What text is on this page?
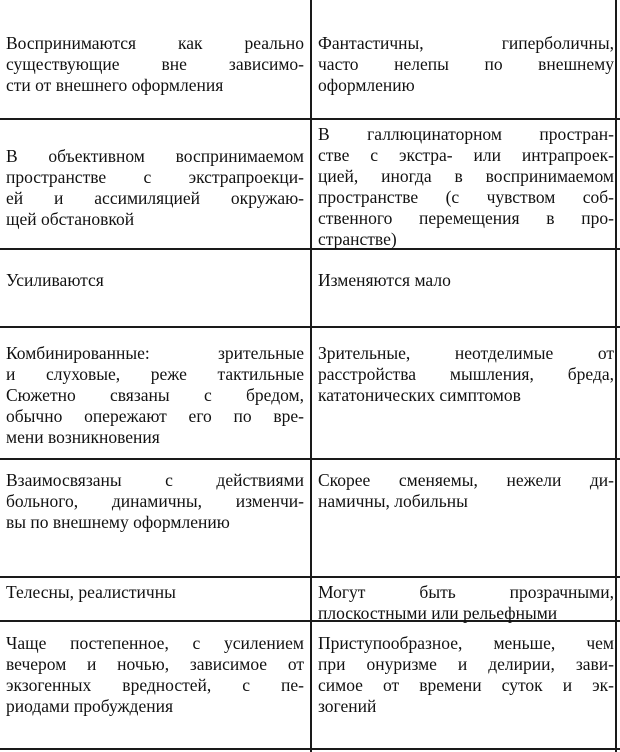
Воспринимаются как реально
существующие вне зависимо-
сти от внешнего оформления
Фантастичны, гиперболичны,
часто нелепы по внешнему
оформлению
В объективном воспринимаемом
пространстве с экстрапроекци-
ей и ассимиляцией окружаю-
щей обстановкой
В галлюцинаторном простран-
стве с экстра- или интрапроек-
цией, иногда в воспринимаемом
пространстве (с чувством соб-
ственного перемещения в про-
странстве)
Усиливаются	Изменяются мало
Комбинированные: зрительные
и слуховые, реже тактильные
Сюжетно связаны с бредом,
обычно опережают его по вре-
мени возникновения
Зрительные, неотделимые от
расстройства мышления, бреда,
кататонических симптомов
Взаимосвязаны с действиями
больного, динамичны, изменчи-
вы по внешнему оформлению
Скорее сменяемы, нежели ди-
намичны, лобильны
Телесны, реалистичны	Могут быть прозрачными,
плоскостными или рельефными
Чаще постепенное, с усилением
вечером и ночью, зависимое от
экзогенных вредностей, с пе-
риодами пробуждения
Приступообразное, меньше, чем
при онуризме и делирии, зави-
симое от времени суток и эк-
зогений
